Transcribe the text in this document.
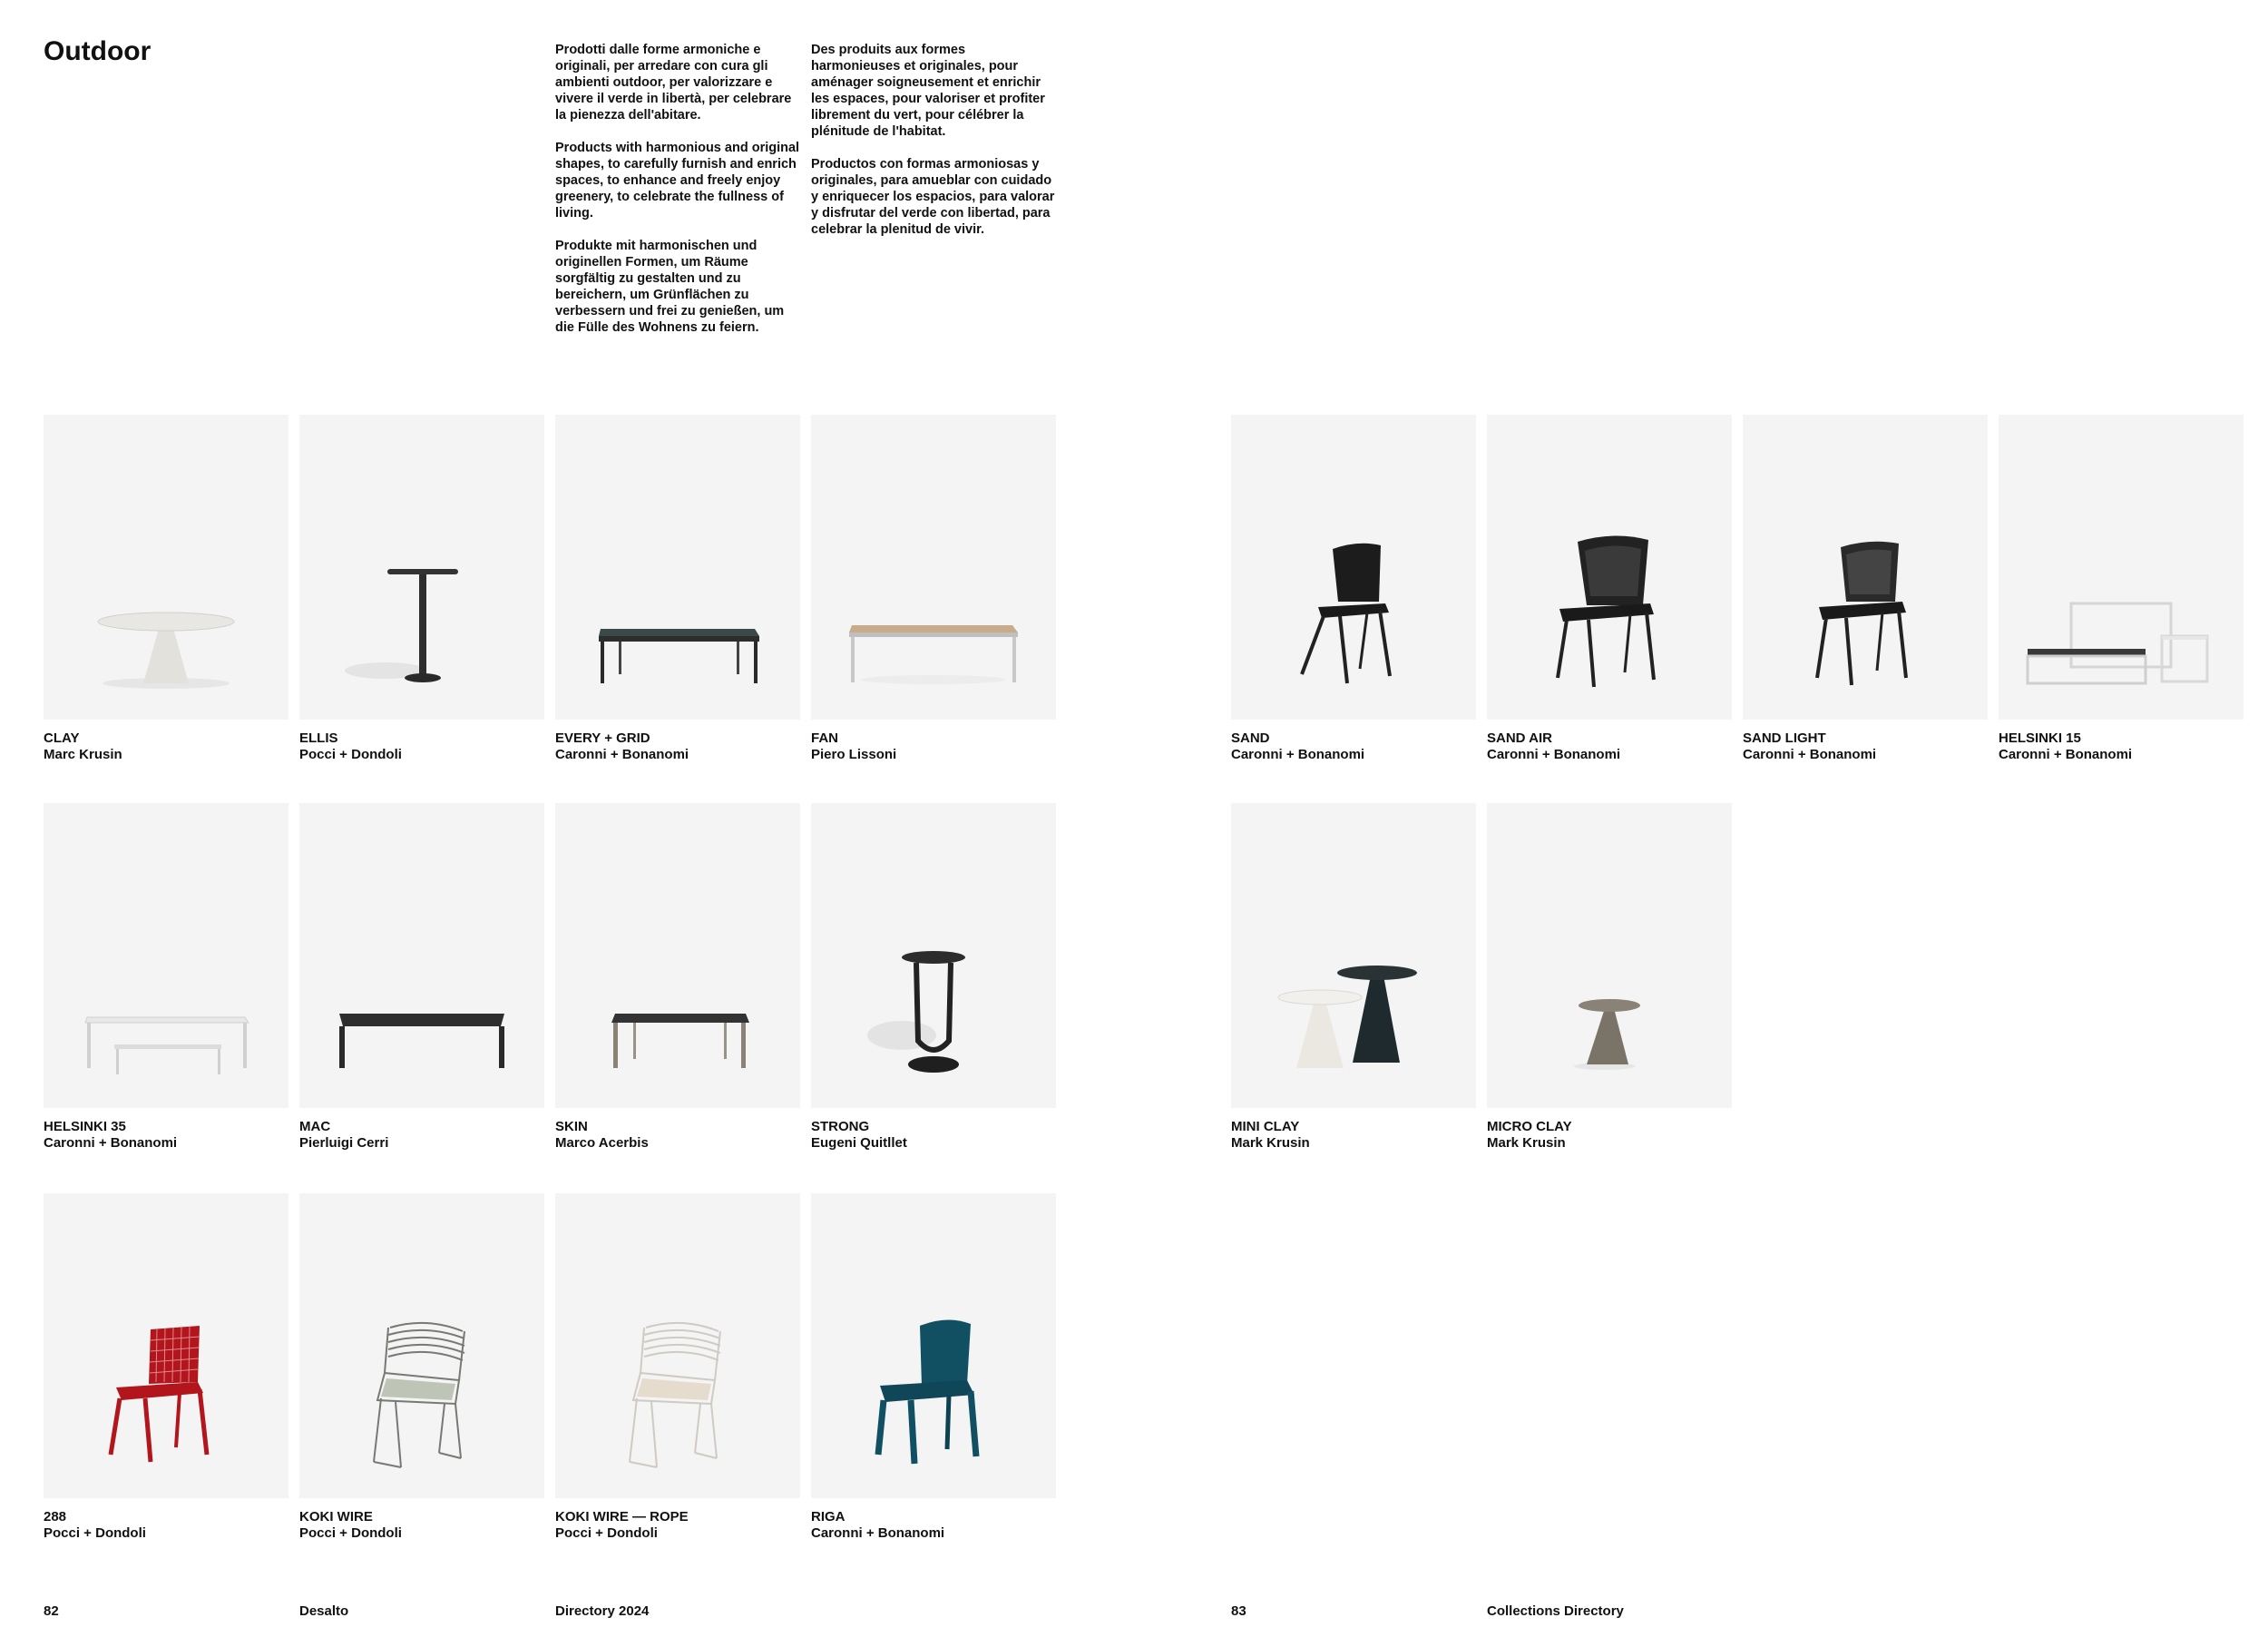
Outdoor	Prodotti dalle forme armoniche e originali, per arredare con cura gli ambienti outdoor, per valorizzare e vivere il verde in libertà, per celebrare la pienezza dell'abitare.

Products with harmonious and original shapes, to carefully furnish and enrich spaces, to enhance and freely enjoy greenery, to celebrate the fullness of living.

Produkte mit harmonischen und originellen Formen, um Räume sorgfältig zu gestalten und zu bereichern, um Grünflächen zu verbessern und frei zu genießen, um die Fülle des Wohnens zu feiern.

Des produits aux formes harmonieuses et originales, pour aménager soigneusement et enrichir les espaces, pour valoriser et profiter librement du vert, pour célébrer la plénitude de l'habitat.

Productos con formas armoniosas y originales, para amueblar con cuidado y enriquecer los espacios, para valorar y disfrutar del verde con libertad, para celebrar la plenitud de vivir.

CLAY
Marc Krusin
ELLIS
Pocci + Dondoli
EVERY + GRID
Caronni + Bonanomi
FAN
Piero Lissoni
SAND
Caronni + Bonanomi
SAND AIR
Caronni + Bonanomi
SAND LIGHT
Caronni + Bonanomi
HELSINKI 15
Caronni + Bonanomi
HELSINKI 35
Caronni + Bonanomi
MAC
Pierluigi Cerri
SKIN
Marco Acerbis
STRONG
Eugeni Quitllet
MINI CLAY
Mark Krusin
MICRO CLAY
Mark Krusin
288
Pocci + Dondoli
KOKI WIRE
Pocci + Dondoli
KOKI WIRE — ROPE
Pocci + Dondoli
RIGA
Caronni + Bonanomi
82	Desalto	Directory 2024	83	Collections Directory
